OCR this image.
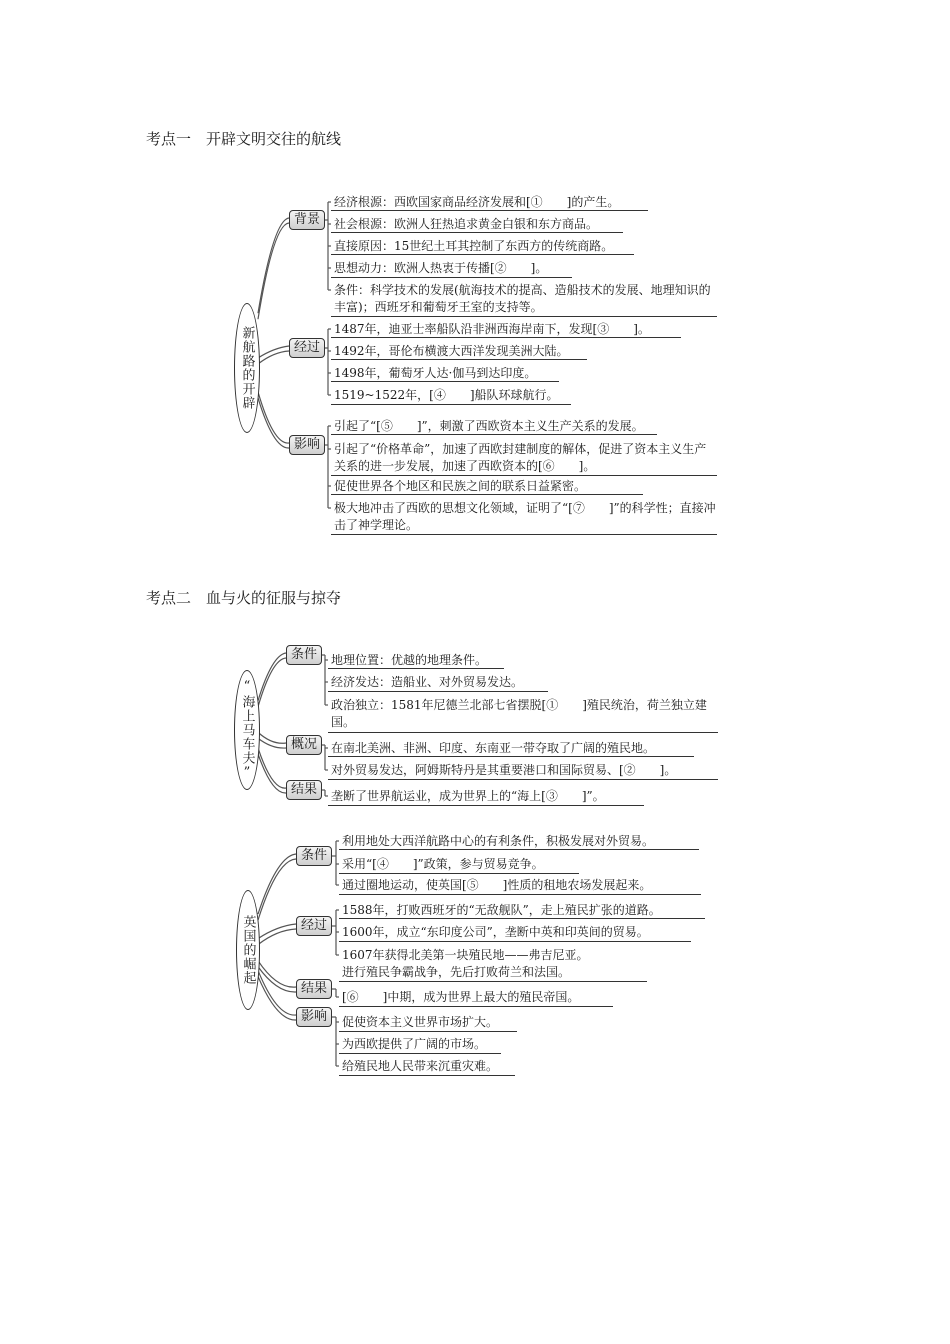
考点一　开辟文明交往的航线
考点二　血与火的征服与掠夺
新航路的开辟
背景
经济根源：西欧国家商品经济发展和[①　　]的产生。
社会根源：欧洲人狂热追求黄金白银和东方商品。
直接原因：15世纪土耳其控制了东西方的传统商路。
思想动力：欧洲人热衷于传播[②　　]。
条件：科学技术的发展(航海技术的提高、造船技术的发展、地理知识的丰富)；西班牙和葡萄牙王室的支持等。
经过
1487年，迪亚士率船队沿非洲西海岸南下，发现[③　　]。
1492年，哥伦布横渡大西洋发现美洲大陆。
1498年，葡萄牙人达·伽马到达印度。
1519~1522年，[④　　]船队环球航行。
影响
引起了“[⑤　　]”，刺激了西欧资本主义生产关系的发展。
引起了“价格革命”，加速了西欧封建制度的解体，促进了资本主义生产关系的进一步发展，加速了西欧资本的[⑥　　]。
促使世界各个地区和民族之间的联系日益紧密。
极大地冲击了西欧的思想文化领域，证明了“[⑦　　]”的科学性；直接冲击了神学理论。
“海上马车夫”
条件	地理位置：优越的地理条件。
经济发达：造船业、对外贸易发达。
政治独立：1581年尼德兰北部七省摆脱[①　　]殖民统治，荷兰独立建国。
概况	在南北美洲、非洲、印度、东南亚一带夺取了广阔的殖民地。
对外贸易发达，阿姆斯特丹是其重要港口和国际贸易、[②　　]。
结果	垄断了世界航运业，成为世界上的“海上[③　　]”。
英国的崛起
条件
利用地处大西洋航路中心的有利条件，积极发展对外贸易。
采用“[④　　]”政策，参与贸易竞争。
通过圈地运动，使英国[⑤　　]性质的租地农场发展起来。
经过
1588年，打败西班牙的“无敌舰队”，走上殖民扩张的道路。
1600年，成立“东印度公司”，垄断中英和印英间的贸易。
1607年获得北美第一块殖民地——弗吉尼亚。
进行殖民争霸战争，先后打败荷兰和法国。
结果
[⑥　　]中期，成为世界上最大的殖民帝国。
影响	促使资本主义世界市场扩大。
为西欧提供了广阔的市场。
给殖民地人民带来沉重灾难。
